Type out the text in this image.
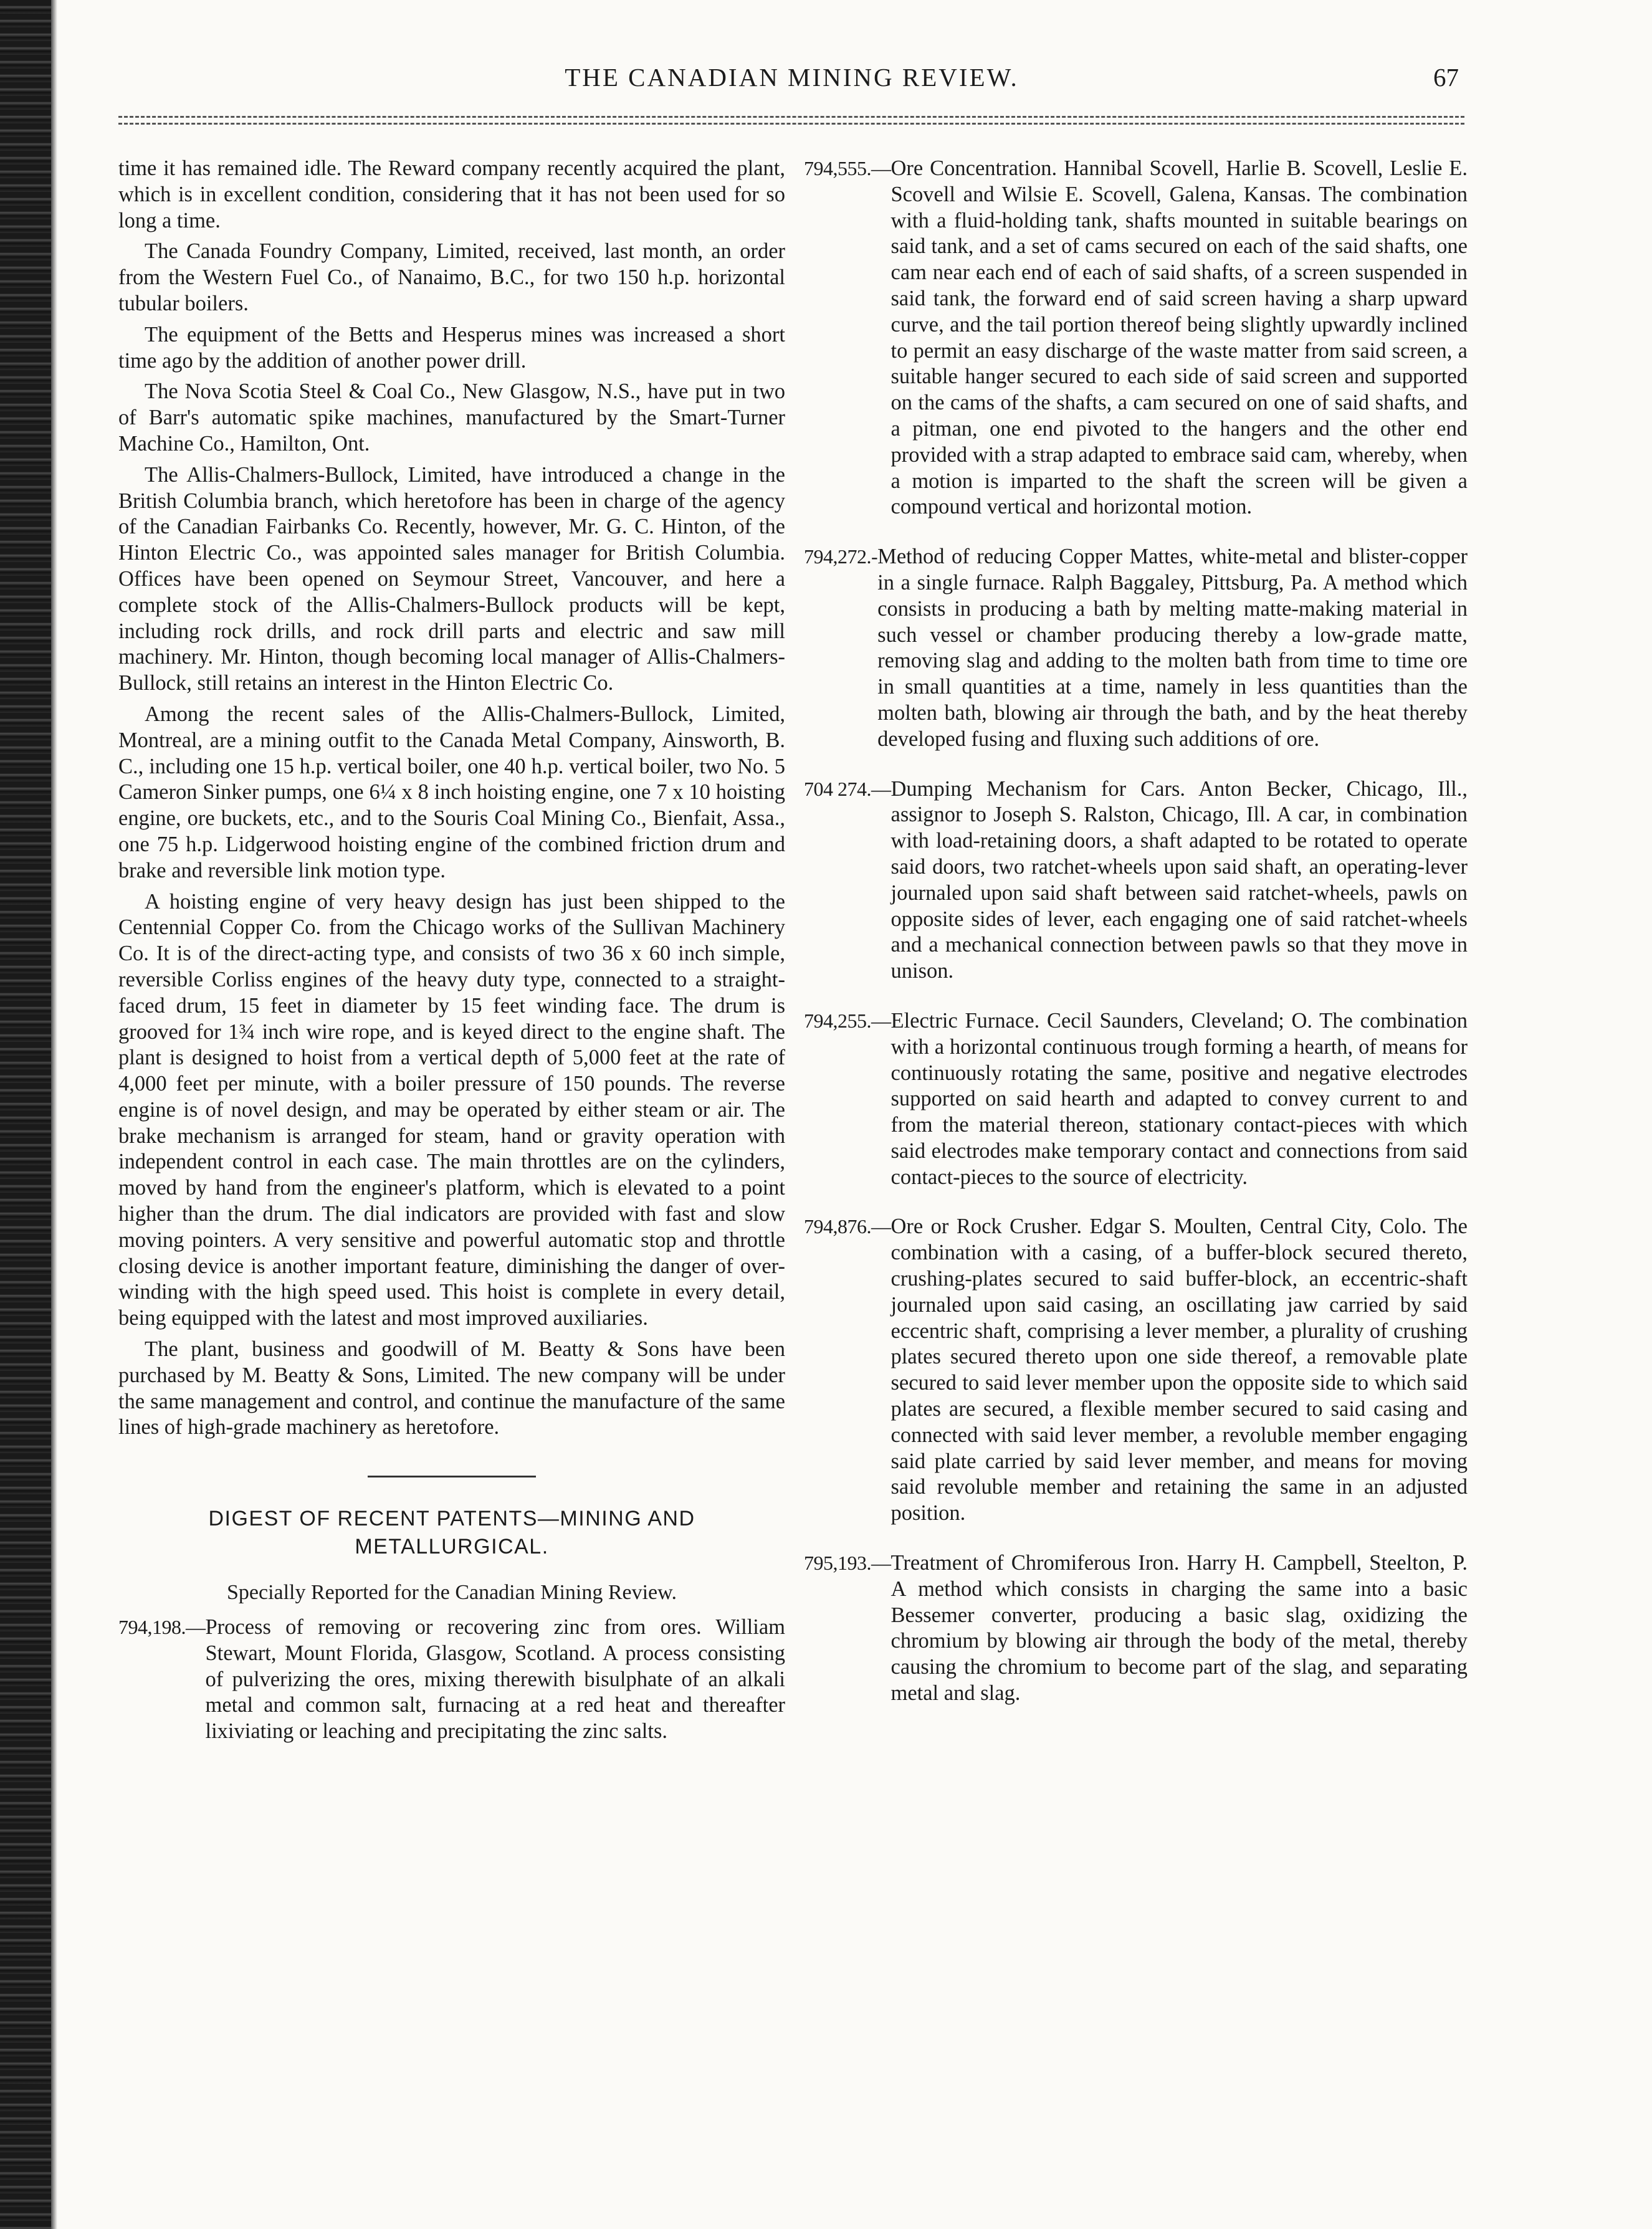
THE CANADIAN MINING REVIEW.	67

time it has remained idle. The Reward company recently acquired the plant, which is in excellent condition, considering that it has not been used for so long a time.

The Canada Foundry Company, Limited, received, last month, an order from the Western Fuel Co., of Nanaimo, B.C., for two 150 h.p. horizontal tubular boilers.

The equipment of the Betts and Hesperus mines was increased a short time ago by the addition of another power drill.

The Nova Scotia Steel & Coal Co., New Glasgow, N.S., have put in two of Barr's automatic spike machines, manufactured by the Smart-Turner Machine Co., Hamilton, Ont.

The Allis-Chalmers-Bullock, Limited, have introduced a change in the British Columbia branch, which heretofore has been in charge of the agency of the Canadian Fairbanks Co. Recently, however, Mr. G. C. Hinton, of the Hinton Electric Co., was appointed sales manager for British Columbia. Offices have been opened on Seymour Street, Vancouver, and here a complete stock of the Allis-Chalmers-Bullock products will be kept, including rock drills, and rock drill parts and electric and saw mill machinery. Mr. Hinton, though becoming local manager of Allis-Chalmers-Bullock, still retains an interest in the Hinton Electric Co.

Among the recent sales of the Allis-Chalmers-Bullock, Limited, Montreal, are a mining outfit to the Canada Metal Company, Ainsworth, B. C., including one 15 h.p. vertical boiler, one 40 h.p. vertical boiler, two No. 5 Cameron Sinker pumps, one 6¼ x 8 inch hoisting engine, one 7 x 10 hoisting engine, ore buckets, etc., and to the Souris Coal Mining Co., Bienfait, Assa., one 75 h.p. Lidgerwood hoisting engine of the combined friction drum and brake and reversible link motion type.

A hoisting engine of very heavy design has just been shipped to the Centennial Copper Co. from the Chicago works of the Sullivan Machinery Co. It is of the direct-acting type, and consists of two 36 x 60 inch simple, reversible Corliss engines of the heavy duty type, connected to a straight-faced drum, 15 feet in diameter by 15 feet winding face. The drum is grooved for 1¾ inch wire rope, and is keyed direct to the engine shaft. The plant is designed to hoist from a vertical depth of 5,000 feet at the rate of 4,000 feet per minute, with a boiler pressure of 150 pounds. The reverse engine is of novel design, and may be operated by either steam or air. The brake mechanism is arranged for steam, hand or gravity operation with independent control in each case. The main throttles are on the cylinders, moved by hand from the engineer's platform, which is elevated to a point higher than the drum. The dial indicators are provided with fast and slow moving pointers. A very sensitive and powerful automatic stop and throttle closing device is another important feature, diminishing the danger of over-winding with the high speed used. This hoist is complete in every detail, being equipped with the latest and most improved auxiliaries.

The plant, business and goodwill of M. Beatty & Sons have been purchased by M. Beatty & Sons, Limited. The new company will be under the same management and control, and continue the manufacture of the same lines of high-grade machinery as heretofore.

DIGEST OF RECENT PATENTS—MINING AND
METALLURGICAL.
Specially Reported for the Canadian Mining Review.
794,198.— Process of removing or recovering zinc from ores. William Stewart, Mount Florida, Glasgow, Scotland. A process consisting of pulverizing the ores, mixing therewith bisulphate of an alkali metal and common salt, furnacing at a red heat and thereafter lixiviating or leaching and precipitating the zinc salts.
794,555.— Ore Concentration. Hannibal Scovell, Harlie B. Scovell, Leslie E. Scovell and Wilsie E. Scovell, Galena, Kansas. The combination with a fluid-holding tank, shafts mounted in suitable bearings on said tank, and a set of cams secured on each of the said shafts, one cam near each end of each of said shafts, of a screen suspended in said tank, the forward end of said screen having a sharp upward curve, and the tail portion thereof being slightly upwardly inclined to permit an easy discharge of the waste matter from said screen, a suitable hanger secured to each side of said screen and supported on the cams of the shafts, a cam secured on one of said shafts, and a pitman, one end pivoted to the hangers and the other end provided with a strap adapted to embrace said cam, whereby, when a motion is imparted to the shaft the screen will be given a compound vertical and horizontal motion.
794,272.- Method of reducing Copper Mattes, white-metal and blister-copper in a single furnace. Ralph Baggaley, Pittsburg, Pa. A method which consists in producing a bath by melting matte-making material in such vessel or chamber producing thereby a low-grade matte, removing slag and adding to the molten bath from time to time ore in small quantities at a time, namely in less quantities than the molten bath, blowing air through the bath, and by the heat thereby developed fusing and fluxing such additions of ore.
704 274.— Dumping Mechanism for Cars. Anton Becker, Chicago, Ill., assignor to Joseph S. Ralston, Chicago, Ill. A car, in combination with load-retaining doors, a shaft adapted to be rotated to operate said doors, two ratchet-wheels upon said shaft, an operating-lever journaled upon said shaft between said ratchet-wheels, pawls on opposite sides of lever, each engaging one of said ratchet-wheels and a mechanical connection between pawls so that they move in unison.
794,255.— Electric Furnace. Cecil Saunders, Cleveland; O. The combination with a horizontal continuous trough forming a hearth, of means for continuously rotating the same, positive and negative electrodes supported on said hearth and adapted to convey current to and from the material thereon, stationary contact-pieces with which said electrodes make temporary contact and connections from said contact-pieces to the source of electricity.
794,876.— Ore or Rock Crusher. Edgar S. Moulten, Central City, Colo. The combination with a casing, of a buffer-block secured thereto, crushing-plates secured to said buffer-block, an eccentric-shaft journaled upon said casing, an oscillating jaw carried by said eccentric shaft, comprising a lever member, a plurality of crushing plates secured thereto upon one side thereof, a removable plate secured to said lever member upon the opposite side to which said plates are secured, a flexible member secured to said casing and connected with said lever member, a revoluble member engaging said plate carried by said lever member, and means for moving said revoluble member and retaining the same in an adjusted position.
795,193.— Treatment of Chromiferous Iron. Harry H. Campbell, Steelton, P. A method which consists in charging the same into a basic Bessemer converter, producing a basic slag, oxidizing the chromium by blowing air through the body of the metal, thereby causing the chromium to become part of the slag, and separating metal and slag.
